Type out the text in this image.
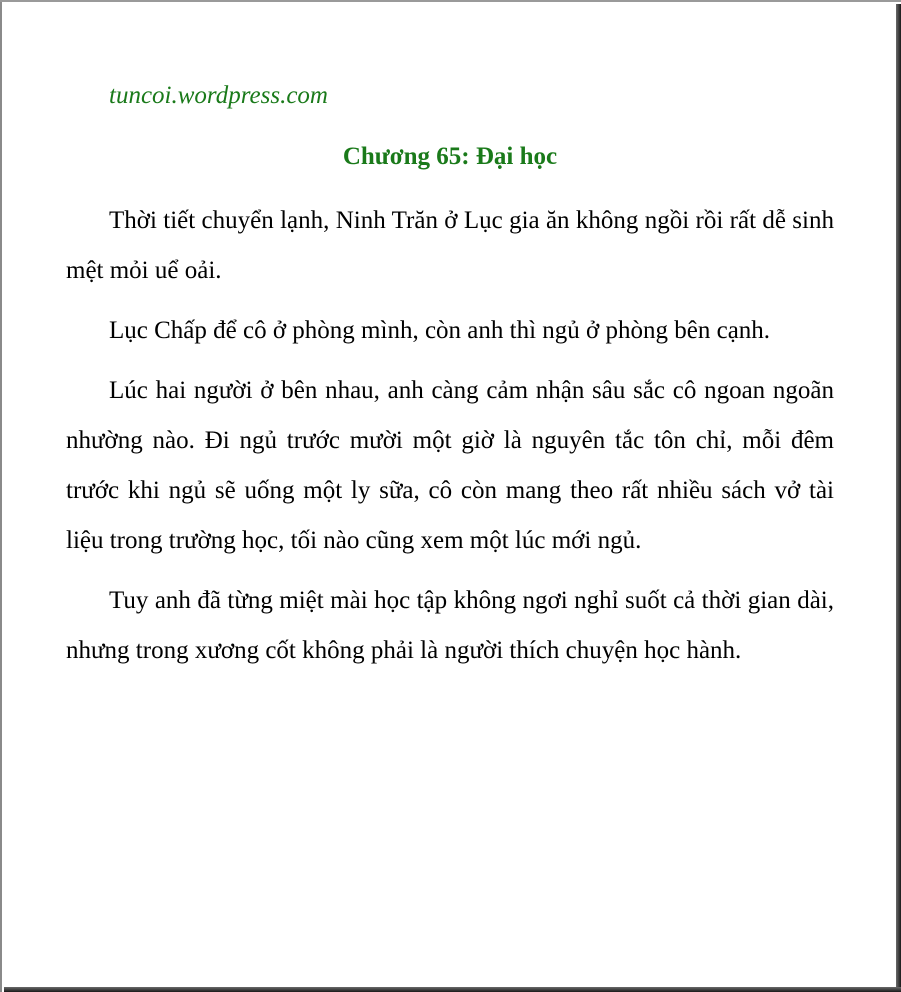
tuncoi.wordpress.com

Chương 65: Đại học

Thời tiết chuyển lạnh, Ninh Trăn ở Lục gia ăn không ngồi rồi rất dễ sinh mệt mỏi uể oải.

Lục Chấp để cô ở phòng mình, còn anh thì ngủ ở phòng bên cạnh.

Lúc hai người ở bên nhau, anh càng cảm nhận sâu sắc cô ngoan ngoãn nhường nào. Đi ngủ trước mười một giờ là nguyên tắc tôn chỉ, mỗi đêm trước khi ngủ sẽ uống một ly sữa, cô còn mang theo rất nhiều sách vở tài liệu trong trường học, tối nào cũng xem một lúc mới ngủ.

Tuy anh đã từng miệt mài học tập không ngơi nghỉ suốt cả thời gian dài, nhưng trong xương cốt không phải là người thích chuyện học hành.
